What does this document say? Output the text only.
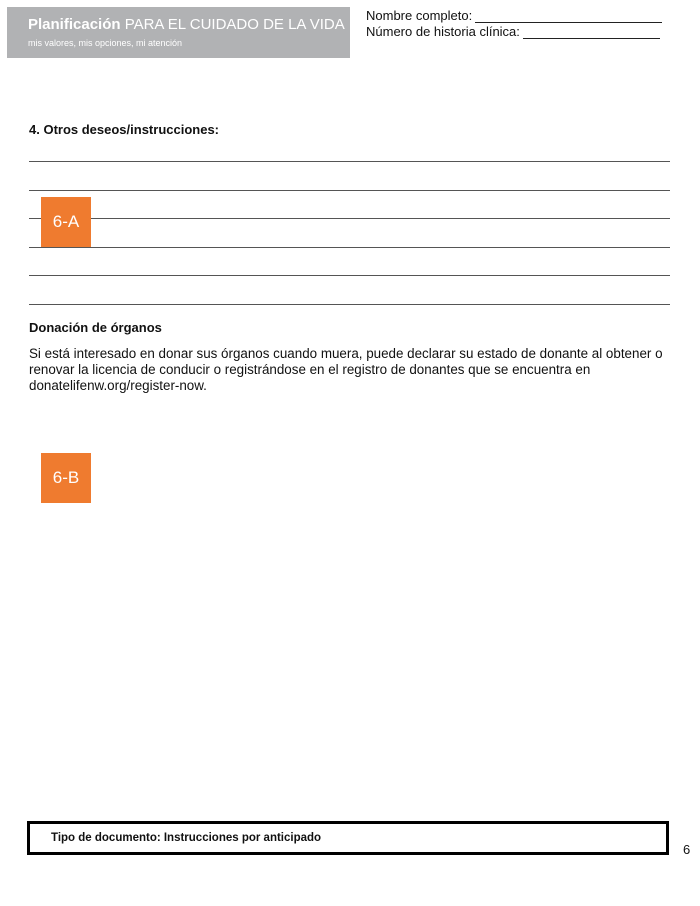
Planificación PARA EL CUIDADO DE LA VIDA
mis valores, mis opciones, mi atención
Nombre completo:
Número de historia clínica:
4. Otros deseos/instrucciones:
6-A
Donación de órganos
Si está interesado en donar sus órganos cuando muera, puede declarar su estado de donante al obtener o renovar la licencia de conducir o registrándose en el registro de donantes que se encuentra en donatelifenw.org/register-now.
6-B
Tipo de documento: Instrucciones por anticipado
6
